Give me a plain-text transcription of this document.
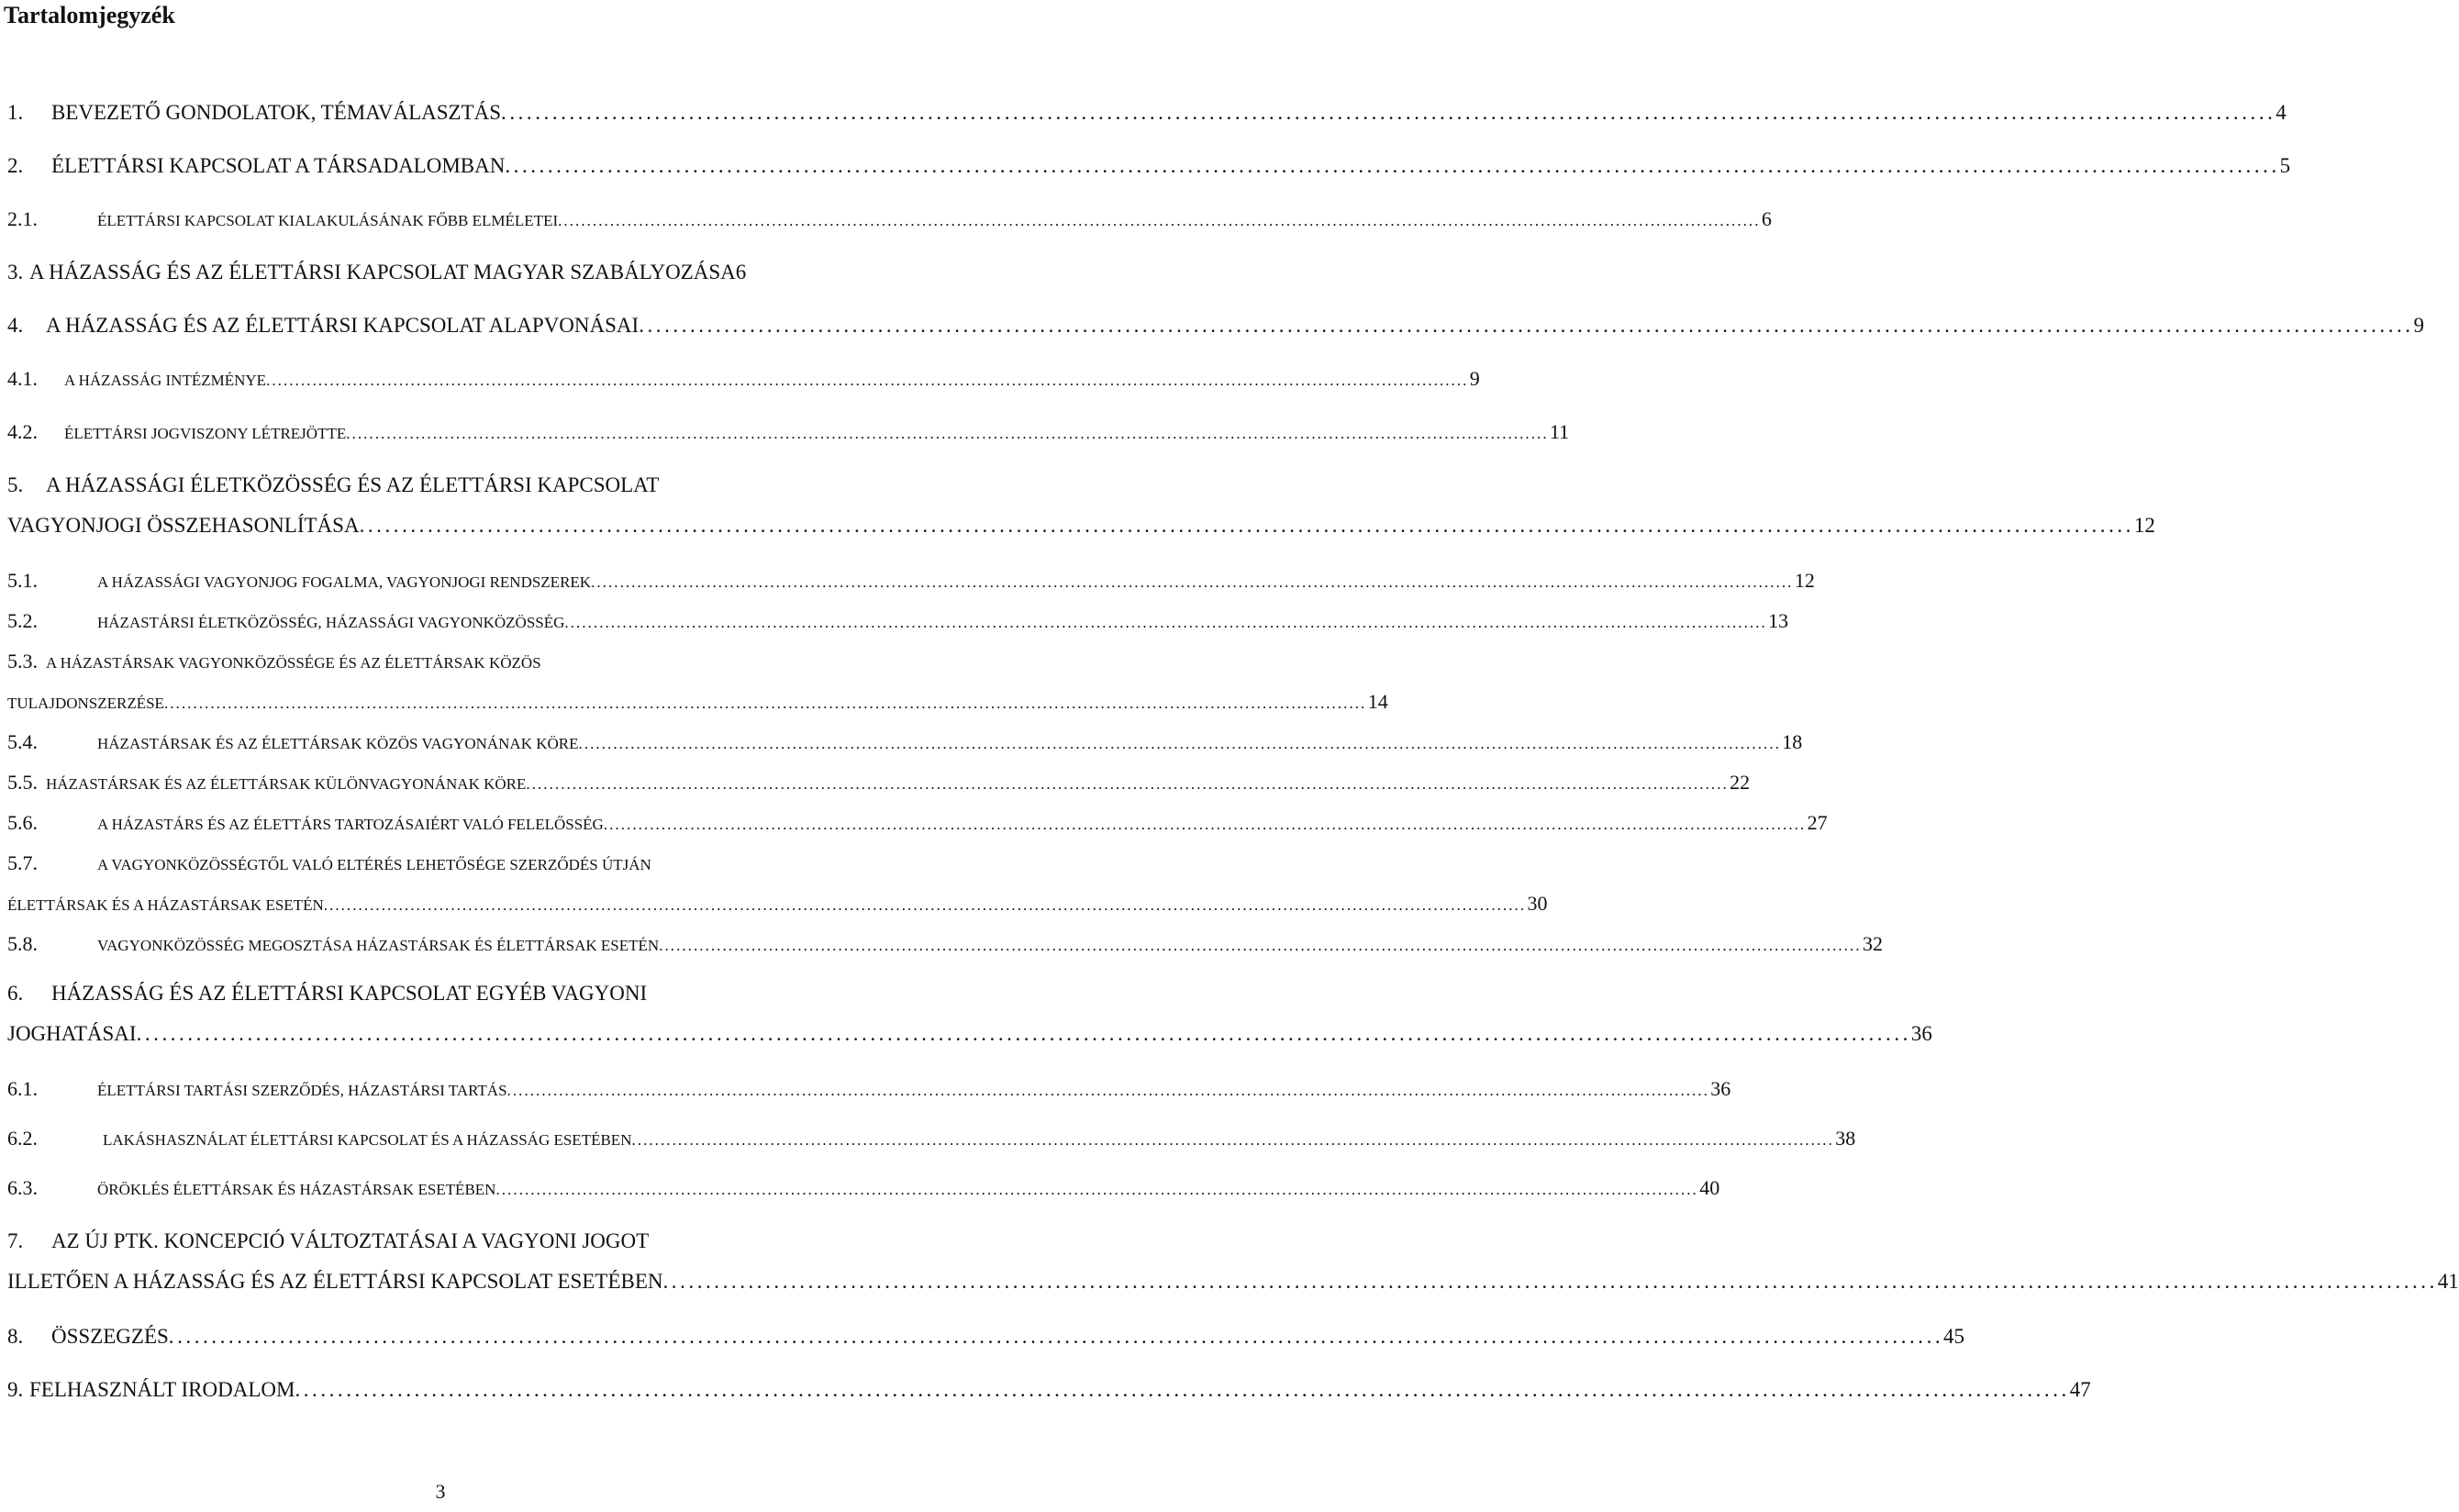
Tartalomjegyzék
1.	BEVEZETŐ GONDOLATOK, TÉMAVÁLASZTÁS . . .	4
2.	ÉLETTÁRSI KAPCSOLAT A TÁRSADALOMBAN . . .	5
2.1.	ÉLETTÁRSI KAPCSOLAT KIALAKULÁSÁNAK FŐBB ELMÉLETEI . . .	6
3. A HÁZASSÁG ÉS AZ ÉLETTÁRSI KAPCSOLAT MAGYAR SZABÁLYOZÁSA 6
4.	A HÁZASSÁG ÉS AZ ÉLETTÁRSI KAPCSOLAT ALAPVONÁSAI . . .	9
4.1.	A HÁZASSÁG INTÉZMÉNYE . . .	9
4.2.	ÉLETTÁRSI JOGVISZONY LÉTREJÖTTE . . .	11
5.	A HÁZASSÁGI ÉLETKÖZÖSSÉG ÉS AZ ÉLETTÁRSI KAPCSOLAT
VAGYONJOGI ÖSSZEHASONLÍTÁSA . . .	12
5.1.	A HÁZASSÁGI VAGYONJOG FOGALMA, VAGYONJOGI RENDSZEREK . . .	12
5.2.	HÁZASTÁRSI ÉLETKÖZÖSSÉG, HÁZASSÁGI VAGYONKÖZÖSSÉG . . .	13
5.3. A HÁZASTÁRSAK VAGYONKÖZÖSSÉGE ÉS AZ ÉLETTÁRSAK KÖZÖS
TULAJDONSZERZÉSE . . .	14
5.4.	HÁZASTÁRSAK ÉS AZ ÉLETTÁRSAK KÖZÖS VAGYONÁNAK KÖRE . . .	18
5.5. HÁZASTÁRSAK ÉS AZ ÉLETTÁRSAK KÜLÖNVAGYONÁNAK KÖRE . . .	22
5.6.	A HÁZASTÁRS ÉS AZ ÉLETTÁRS TARTOZÁSAIÉRT VALÓ FELELŐSSÉG . . .	27
5.7.	A VAGYONKÖZÖSSÉGTŐL VALÓ ELTÉRÉS LEHETŐSÉGE SZERZŐDÉS ÚTJÁN
ÉLETTÁRSAK ÉS A HÁZASTÁRSAK ESETÉN . . .	30
5.8.	VAGYONKÖZÖSSÉG MEGOSZTÁSA HÁZASTÁRSAK ÉS ÉLETTÁRSAK ESETÉN . . .	32
6.	HÁZASSÁG ÉS AZ ÉLETTÁRSI KAPCSOLAT EGYÉB VAGYONI
JOGHATÁSAI . . .	36
6.1.	ÉLETTÁRSI TARTÁSI SZERZŐDÉS, HÁZASTÁRSI TARTÁS . . .	36
6.2.	LAKÁSHASZNÁLAT ÉLETTÁRSI KAPCSOLAT ÉS A HÁZASSÁG ESETÉBEN . . .	38
6.3.	ÖRÖKLÉS ÉLETTÁRSAK ÉS HÁZASTÁRSAK ESETÉBEN . . .	40
7.	AZ ÚJ PTK. KONCEPCIÓ VÁLTOZTATÁSAI A VAGYONI JOGOT
ILLETŐEN A HÁZASSÁG ÉS AZ ÉLETTÁRSI KAPCSOLAT ESETÉBEN . . .	41
8.	ÖSSZEGZÉS . . .	45
9. FELHASZNÁLT IRODALOM . . .	47
3
